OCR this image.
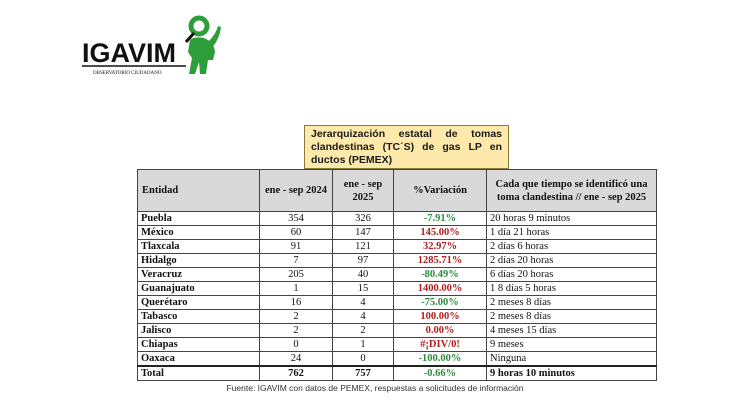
IGAVIM
OBSERVATORIO CIUDADANO
Jerarquización estatal de tomas clandestinas (TC´S) de gas LP en ductos (PEMEX)
Entidad	ene - sep 2024	ene - sep 2025	%Variación	Cada que tiempo se identificó una toma clandestina // ene - sep 2025
Puebla	354	326	-7.91%	20 horas 9 minutos
México	60	147	145.00%	1 día 21 horas
Tlaxcala	91	121	32.97%	2 días 6 horas
Hidalgo	7	97	1285.71%	2 días 20 horas
Veracruz	205	40	-80.49%	6 días 20 horas
Guanajuato	1	15	1400.00%	1 8 días 5 horas
Querétaro	16	4	-75.00%	2 meses 8 días
Tabasco	2	4	100.00%	2 meses 8 días
Jalisco	2	2	0.00%	4 meses 15 días
Chiapas	0	1	#¡DIV/0!	9 meses
Oaxaca	24	0	-100.00%	Ninguna
Total	762	757	-0.66%	9 horas 10 minutos
Fuente: IGAVIM con datos de PEMEX, respuestas a solicitudes de información
